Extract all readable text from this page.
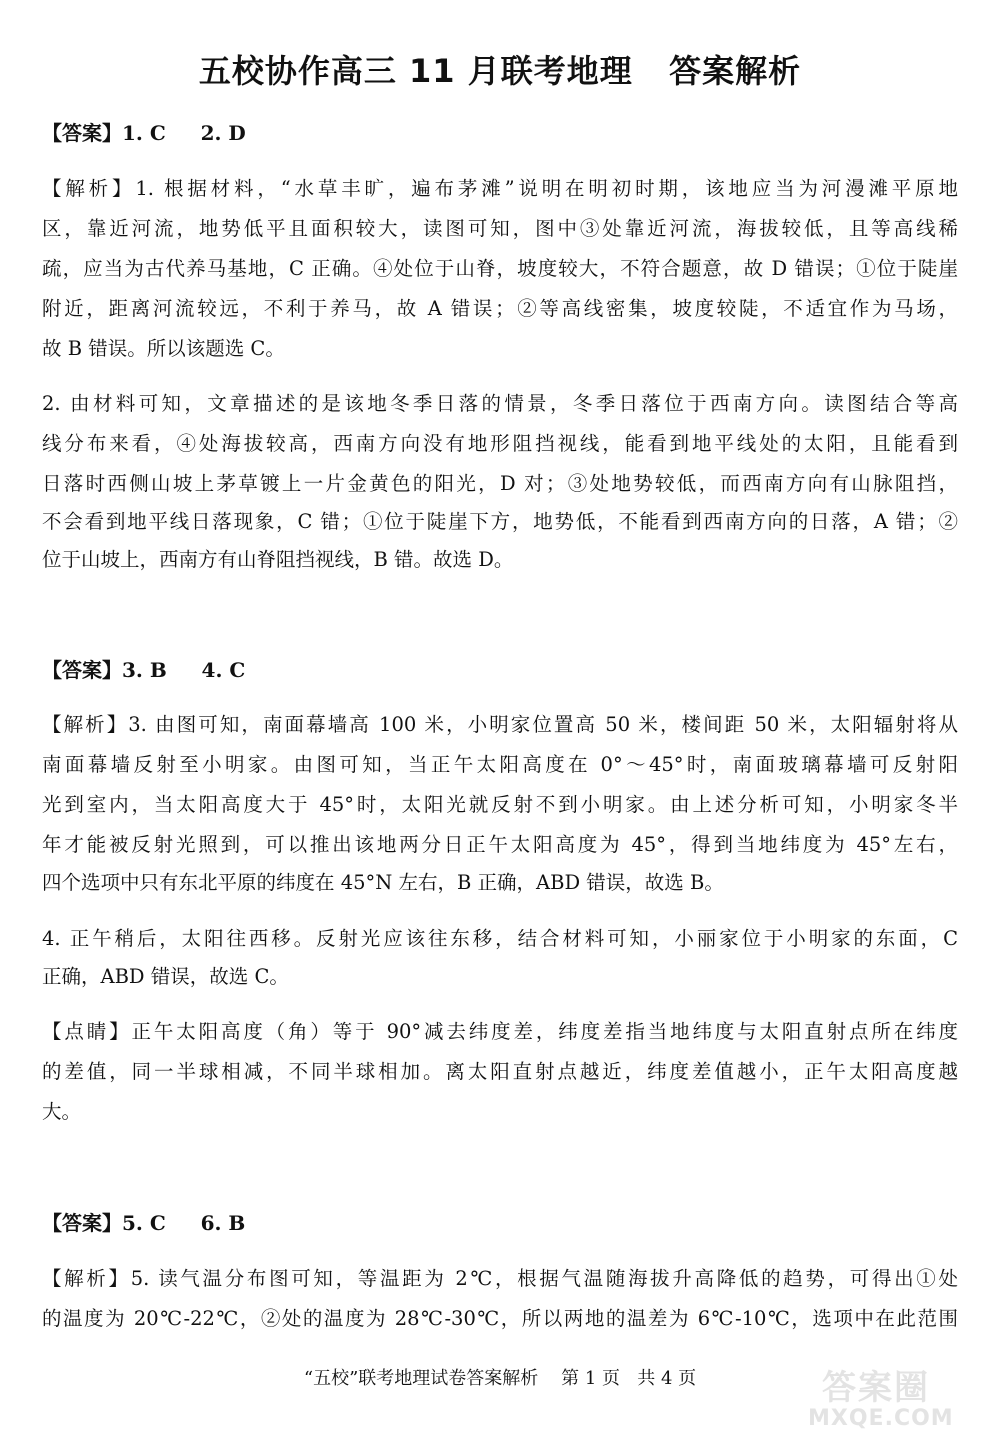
五校协作高三 11 月联考地理   答案解析

【答案】1. C     2. D

【解析】1. 根据材料，“水草丰旷，遍布茅滩”说明在明初时期，该地应当为河漫滩平原地

区，靠近河流，地势低平且面积较大，读图可知，图中③处靠近河流，海拔较低，且等高线稀

疏，应当为古代养马基地，C 正确。④处位于山脊，坡度较大，不符合题意，故 D 错误；①位于陡崖

附近，距离河流较远，不利于养马，故 A 错误；②等高线密集，坡度较陡，不适宜作为马场，

故 B 错误。所以该题选 C。

2. 由材料可知，文章描述的是该地冬季日落的情景，冬季日落位于西南方向。读图结合等高

线分布来看，④处海拔较高，西南方向没有地形阻挡视线，能看到地平线处的太阳，且能看到

日落时西侧山坡上茅草镀上一片金黄色的阳光，D 对；③处地势较低，而西南方向有山脉阻挡，

不会看到地平线日落现象，C 错；①位于陡崖下方，地势低，不能看到西南方向的日落，A 错；②

位于山坡上，西南方有山脊阻挡视线，B 错。故选 D。

【答案】3. B     4. C

【解析】3. 由图可知，南面幕墙高 100 米，小明家位置高 50 米，楼间距 50 米，太阳辐射将从

南面幕墙反射至小明家。由图可知，当正午太阳高度在 0°～45°时，南面玻璃幕墙可反射阳

光到室内，当太阳高度大于 45°时，太阳光就反射不到小明家。由上述分析可知，小明家冬半

年才能被反射光照到，可以推出该地两分日正午太阳高度为 45°，得到当地纬度为 45°左右，

四个选项中只有东北平原的纬度在 45°N 左右，B 正确，ABD 错误，故选 B。

4. 正午稍后，太阳往西移。反射光应该往东移，结合材料可知，小丽家位于小明家的东面，C

正确，ABD 错误，故选 C。

【点睛】正午太阳高度（角）等于 90°减去纬度差，纬度差指当地纬度与太阳直射点所在纬度

的差值，同一半球相减，不同半球相加。离太阳直射点越近，纬度差值越小，正午太阳高度越

大。

【答案】5. C     6. B

【解析】5. 读气温分布图可知，等温距为 2℃，根据气温随海拔升高降低的趋势，可得出①处

的温度为 20℃-22℃，②处的温度为 28℃-30℃，所以两地的温差为 6℃-10℃，选项中在此范围

“五校”联考地理试卷答案解析    第 1 页   共 4 页	答案圈
MXQE.COM
